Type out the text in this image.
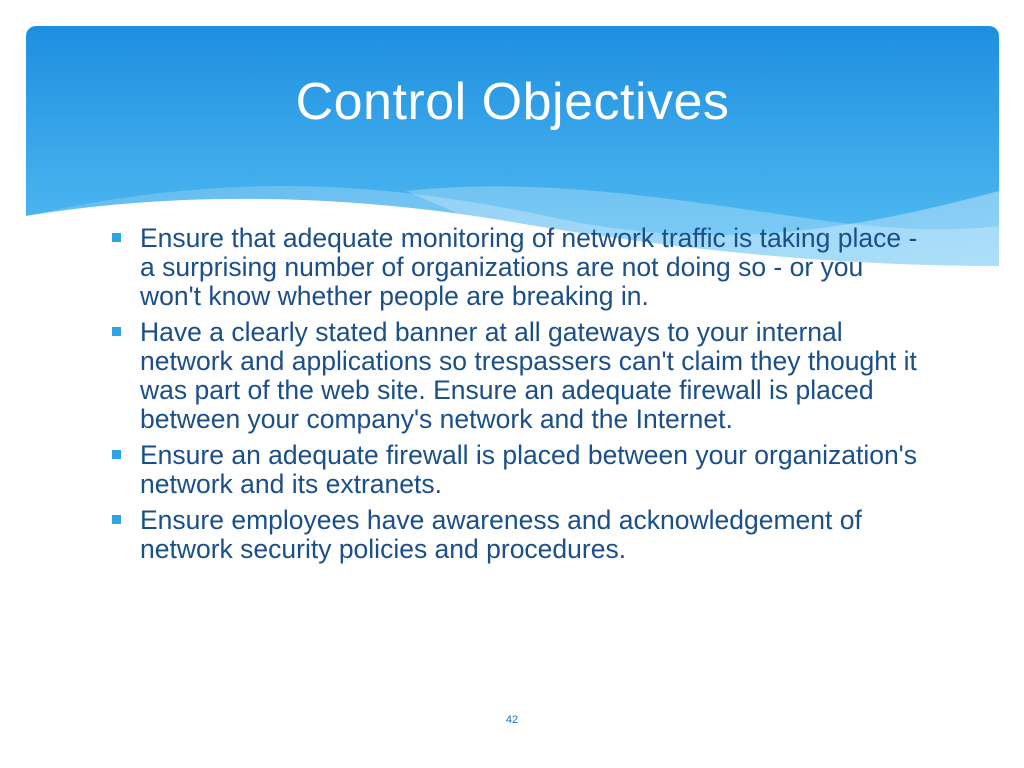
Control Objectives
Ensure that adequate monitoring of network traffic is taking place - a surprising number of organizations are not doing so - or you won't know whether people are breaking in.
Have a clearly stated banner at all gateways to your internal network and applications so trespassers can't claim they thought it was part of the web site. Ensure an adequate firewall is placed between your company's network and the Internet.
Ensure an adequate firewall is placed between your organization's network and its extranets.
Ensure employees have awareness and acknowledgement of network security policies and procedures.
42
